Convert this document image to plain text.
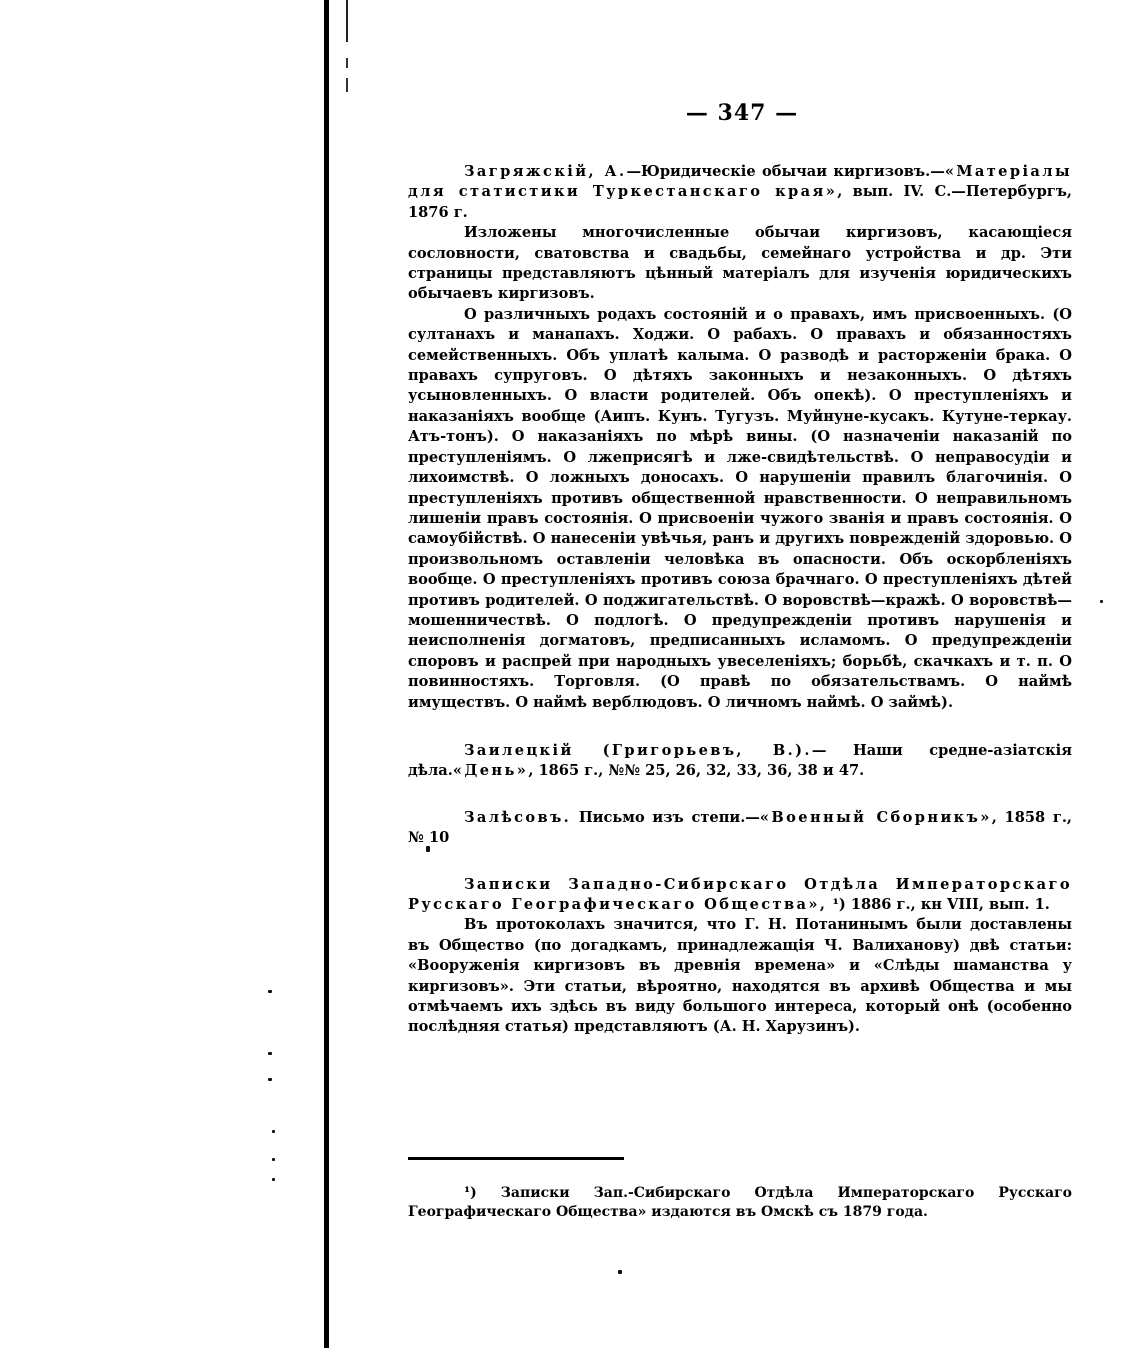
— 347 —

Загряжскій, А.—Юридическіе обычаи киргизовъ.—«Матеріалы для статистики Туркестанскаго края», вып. IV. С.—Петербургъ, 1876 г.

Изложены многочисленные обычаи киргизовъ, касающіеся сословности, сватовства и свадьбы, семейнаго устройства и др. Эти страницы представляютъ цѣнный матеріалъ для изученія юридическихъ обычаевъ киргизовъ.

О различныхъ родахъ состояній и о правахъ, имъ присвоенныхъ. (О султанахъ и манапахъ. Ходжи. О рабахъ. О правахъ и обязанностяхъ семейственныхъ. Объ уплатѣ калыма. О разводѣ и расторженіи брака. О правахъ супруговъ. О дѣтяхъ законныхъ и незаконныхъ. О дѣтяхъ усыновленныхъ. О власти родителей. Объ опекѣ). О преступленіяхъ и наказаніяхъ вообще (Аипъ. Кунъ. Тугузъ. Муйнуне-кусакъ. Кутуне-теркау. Атъ-тонъ). О наказаніяхъ по мѣрѣ вины. (О назначеніи наказаній по преступленіямъ. О лжеприсягѣ и лже-свидѣтельствѣ. О неправосудіи и лихоимствѣ. О ложныхъ доносахъ. О нарушеніи правилъ благочинія. О преступленіяхъ противъ общественной нравственности. О неправильномъ лишеніи правъ состоянія. О присвоеніи чужого званія и правъ состоянія. О самоубійствѣ. О нанесеніи увѣчья, ранъ и другихъ поврежденій здоровью. О произвольномъ оставленіи человѣка въ опасности. Объ оскорбленіяхъ вообще. О преступленіяхъ противъ союза брачнаго. О преступленіяхъ дѣтей противъ родителей. О поджигательствѣ. О воровствѣ—кражѣ. О воровствѣ—мошенничествѣ. О подлогѣ. О предупрежденіи противъ нарушенія и неисполненія догматовъ, предписанныхъ исламомъ. О предупрежденіи споровъ и распрей при народныхъ увеселеніяхъ; борьбѣ, скачкахъ и т. п. О повинностяхъ. Торговля. (О правѣ по обязательствамъ. О наймѣ имуществъ. О наймѣ верблюдовъ. О личномъ наймѣ. О займѣ).

Заилецкій (Григорьевъ, В.).— Наши средне-азіатскія дѣла.«День», 1865 г., №№ 25, 26, 32, 33, 36, 38 и 47.

Залѣсовъ. Письмо изъ степи.—«Военный Сборникъ», 1858 г., № 10

Записки Западно-Сибирскаго Отдѣла Императорскаго Русскаго Географическаго Общества», ¹) 1886 г., кн VIII, вып. 1.

Въ протоколахъ значится, что Г. Н. Потанинымъ были доставлены въ Общество (по догадкамъ, принадлежащія Ч. Валиханову) двѣ статьи: «Вооруженія киргизовъ въ древнія времена» и «Слѣды шаманства у киргизовъ». Эти статьи, вѣроятно, находятся въ архивѣ Общества и мы отмѣчаемъ ихъ здѣсь въ виду большого интереса, который онѣ (особенно послѣдняя статья) представляютъ (А. Н. Харузинъ).

¹) Записки Зап.-Сибирскаго Отдѣла Императорскаго Русскаго Географическаго Общества» издаются въ Омскѣ съ 1879 года.
